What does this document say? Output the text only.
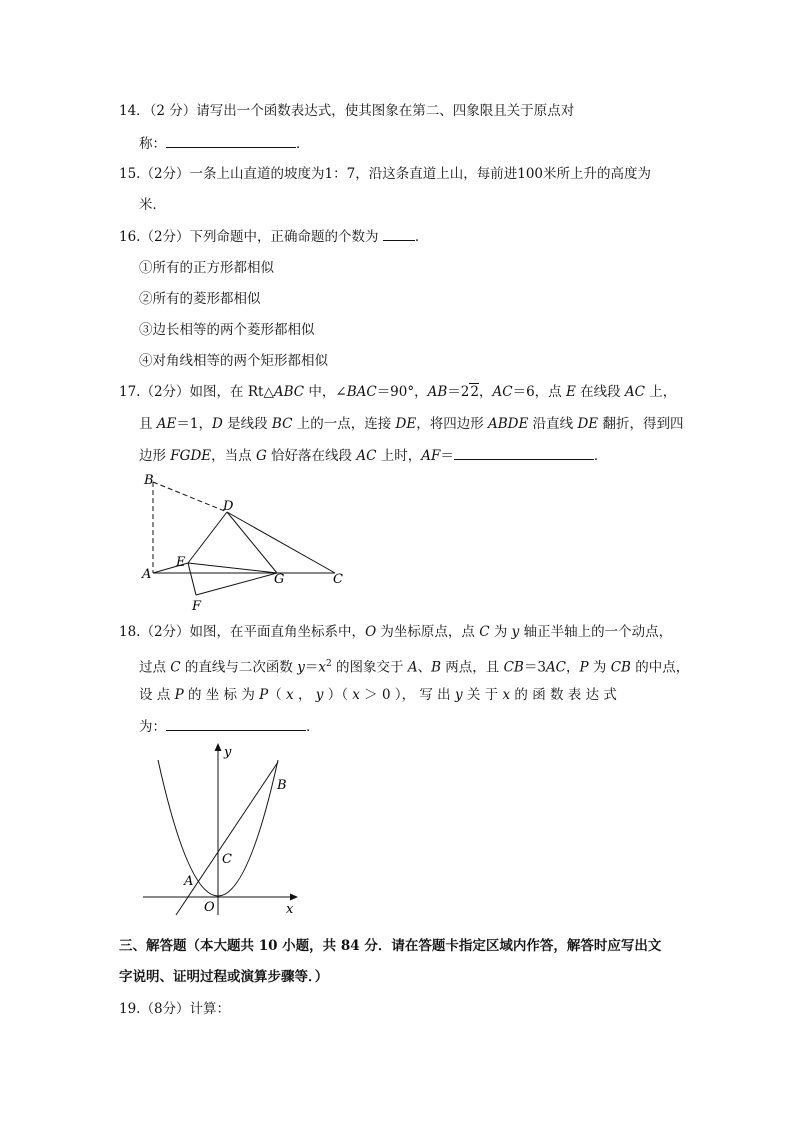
14．（2 分）请写出一个函数表达式，使其图象在第二、四象限且关于原点对
称：	．
15.（2分）一条上山直道的坡度为1：7，沿这条直道上山，每前进100米所上升的高度为
米．
16.（2分）下列命题中，正确命题的个数为	．
①所有的正方形都相似
②所有的菱形都相似
③边长相等的两个菱形都相似
④对角线相等的两个矩形都相似
17.（2分）如图，在 Rt△ABC 中，∠BAC＝90°，AB＝22，AC＝6，点 E 在线段 AC 上，
且 AE＝1，D 是线段 BC 上的一点，连接 DE，将四边形 ABDE 沿直线 DE 翻折，得到四
边形 FGDE，当点 G 恰好落在线段 AC 上时，AF＝	．
B
D
E
A	G	C
F
18.（2分）如图，在平面直角坐标系中，O 为坐标原点，点 C 为 y 轴正半轴上的一个动点，
过点 C 的直线与二次函数 $y=x^2$ 的图象交于 A、B 两点，且 CB＝3AC，P 为 CB 的中点，
设 点 P 的 坐 标 为 P（ x ， y ）（ x ＞ 0 ）， 写 出 y 关 于 x 的 函 数 表 达 式
为：	．
y
x
B
C
A
O
三、解答题（本大题共 10 小题，共 84 分．请在答题卡指定区域内作答，解答时应写出文
字说明、证明过程或演算步骤等．）
19.（8分）计算：
